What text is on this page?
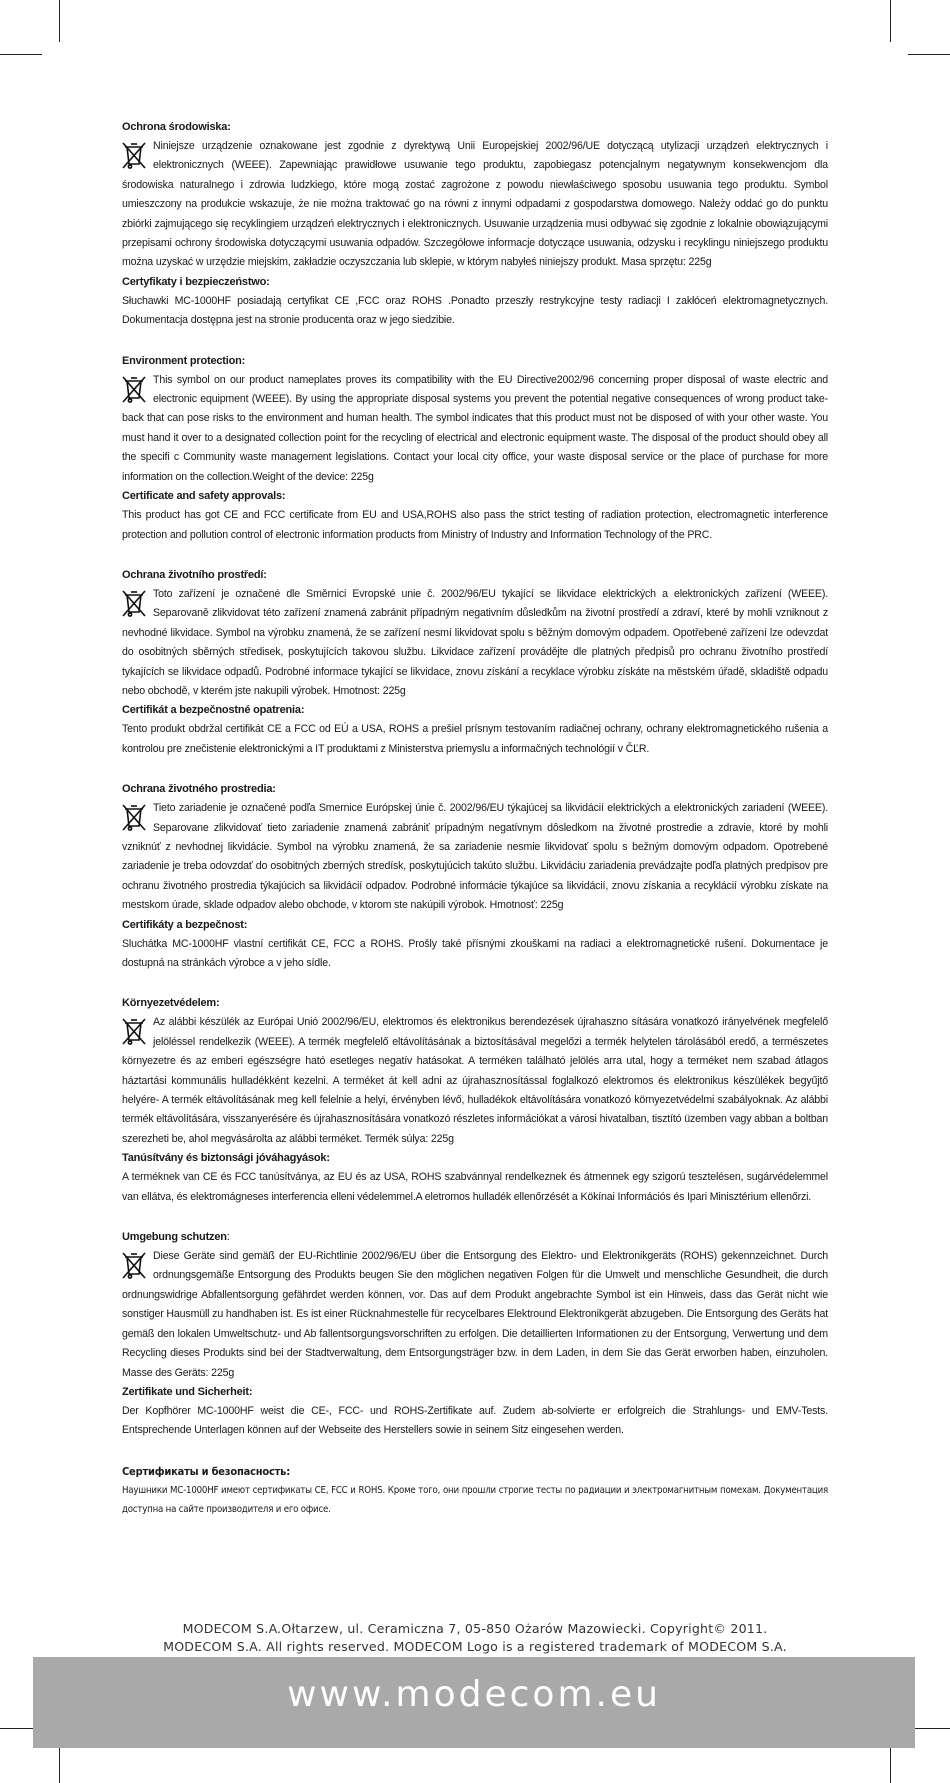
Ochrona środowiska:

Niniejsze urządzenie oznakowane jest zgodnie z dyrektywą Unii Europejskiej 2002/96/UE dotyczącą utylizacji urządzeń elektrycznych i elektronicznych (WEEE). Zapewniając prawidłowe usuwanie tego produktu, zapobiegasz potencjalnym negatywnym konsekwencjom dla środowiska naturalnego i zdrowia ludzkiego, które mogą zostać zagrożone z powodu niewłaściwego sposobu usuwania tego produktu. Symbol umieszczony na produkcie wskazuje, że nie można traktować go na równi z innymi odpadami z gospodarstwa domowego. Należy oddać go do punktu zbiórki zajmującego się recyklingiem urządzeń elektrycznych i elektronicznych. Usuwanie urządzenia musi odbywać się zgodnie z lokalnie obowiązującymi przepisami ochrony środowiska dotyczącymi usuwania odpadów. Szczegółowe informacje dotyczące usuwania, odzysku i recyklingu niniejszego produktu można uzyskać w urzędzie miejskim, zakładzie oczyszczania lub sklepie, w którym nabyłeś niniejszy produkt. Masa sprzętu: 225g

Certyfikaty i bezpieczeństwo:

Słuchawki MC-1000HF posiadają certyfikat CE ,FCC oraz ROHS .Ponadto przeszły restrykcyjne testy radiacji I zakłóceń elektromagnetycznych. Dokumentacja dostępna jest na stronie producenta oraz w jego siedzibie.

Environment protection:

This symbol on our product nameplates proves its compatibility with the EU Directive2002/96 concerning proper disposal of waste electric and electronic equipment (WEEE). By using the appropriate disposal systems you prevent the potential negative consequences of wrong product take-back that can pose risks to the environment and human health. The symbol indicates that this product must not be disposed of with your other waste. You must hand it over to a designated collection point for the recycling of electrical and electronic equipment waste. The disposal of the product should obey all the specifi c Community waste management legislations. Contact your local city office, your waste disposal service or the place of purchase for more information on the collection.Weight of the device: 225g

Certificate and safety approvals:

This product has got CE and FCC certificate from EU and USA,ROHS also pass the strict testing of radiation protection, electromagnetic interference protection and pollution control of electronic information products from Ministry of Industry and Information Technology of the PRC.

Ochrana životního prostředí:

Toto zařízení je označené dle Směrnici Evropské unie č. 2002/96/EU tykající se likvidace elektrických a elektronických zařízení (WEEE). Separovaně zlikvidovat této zařízení znamená zabránit případným negativním důsledkům na životní prostředí a zdraví, které by mohli vzniknout z nevhodné likvidace. Symbol na výrobku znamená, že se zařízení nesmí likvidovat spolu s běžným domovým odpadem. Opotřebené zařízení lze odevzdat do osobitných sběrných středisek, poskytujících takovou službu. Likvidace zařízení provádějte dle platných předpisů pro ochranu životního prostředí tykajících se likvidace odpadů. Podrobné informace tykající se likvidace, znovu získání a recyklace výrobku získáte na městském úřadě, skladiště odpadu nebo obchodě, v kterém jste nakupili výrobek. Hmotnost: 225g

Certifikát a bezpečnostné opatrenia:

Tento produkt obdržal certifikát CE a FCC od EÚ a USA, ROHS a prešiel prísnym testovaním radiačnej ochrany, ochrany elektromagnetického rušenia a kontrolou pre znečistenie elektronickými a IT produktami z Ministerstva priemyslu a informačných technológií v ČĽR.

Ochrana životného prostredia:

Tieto zariadenie je označené podľa Smernice Európskej únie č. 2002/96/EU týkajúcej sa likvidácií elektrických a elektronických zariadení (WEEE). Separovane zlikvidovať tieto zariadenie znamená zabrániť prípadným negatívnym dôsledkom na životné prostredie a zdravie, ktoré by mohli vzniknúť z nevhodnej likvidácie. Symbol na výrobku znamená, že sa zariadenie nesmie likvidovať spolu s bežným domovým odpadom. Opotrebené zariadenie je treba odovzdať do osobitných zberných stredísk, poskytujúcich takúto službu. Likvidáciu zariadenia prevádzajte podľa platných predpisov pre ochranu životného prostredia týkajúcich sa likvidácií odpadov. Podrobné informácie týkajúce sa likvidácií, znovu získania a recyklácií výrobku získate na mestskom úrade, sklade odpadov alebo obchode, v ktorom ste nakúpili výrobok. Hmotnosť: 225g

Certifikáty a bezpečnost:

Sluchátka MC-1000HF vlastní certifikát CE, FCC a ROHS. Prošly také přísnými zkouškami na radiaci a elektromagnetické rušení. Dokumentace je dostupná na stránkách výrobce a v jeho sídle.

Környezetvédelem:

Az alábbi készülék az Európai Unió 2002/96/EU, elektromos és elektronikus berendezések újrahaszno sítására vonatkozó irányelvének megfelelő jelöléssel rendelkezik (WEEE). A termék megfelelő eltávolításának a biztosításával megelőzi a termék helytelen tárolásából eredő, a természetes környezetre és az emberi egészségre ható esetleges negatív hatásokat. A terméken található jelölés arra utal, hogy a terméket nem szabad átlagos háztartási kommunális hulladékként kezelni. A terméket át kell adni az újrahasznosítással foglalkozó elektromos és elektronikus készülékek begyűjtő helyére- A termék eltávolításának meg kell felelnie a helyi, érvényben lévő, hulladékok eltávolítására vonatkozó környezetvédelmi szabályoknak. Az alábbi termék eltávolítására, visszanyerésére és újrahasznosítására vonatkozó részletes információkat a városi hivatalban, tisztító üzemben vagy abban a boltban szerezheti be, ahol megvásárolta az alábbi terméket. Termék súlya: 225g

Tanúsítvány és biztonsági jóváhagyások:

A terméknek van CE és FCC tanúsítványa, az EU és az USA, ROHS szabvánnyal rendelkeznek és átmennek egy szigorú tesztelésen, sugárvédelemmel van ellátva, és elektromágneses interferencia elleni védelemmel.A eletromos hulladék ellenőrzését a Kökínai Információs és Ipari Minisztérium ellenőrzi.

Umgebung schutzen:

Diese Geräte sind gemäß der EU-Richtlinie 2002/96/EU über die Entsorgung des Elektro- und Elektronikgeräts (ROHS) gekennzeichnet. Durch ordnungsgemäße Entsorgung des Produkts beugen Sie den möglichen negativen Folgen für die Umwelt und menschliche Gesundheit, die durch ordnungswidrige Abfallentsorgung gefährdet werden können, vor. Das auf dem Produkt angebrachte Symbol ist ein Hinweis, dass das Gerät nicht wie sonstiger Hausmüll zu handhaben ist. Es ist einer Rücknahmestelle für recycelbares Elektround Elektronikgerät abzugeben. Die Entsorgung des Geräts hat gemäß den lokalen Umweltschutz- und Ab fallentsorgungsvorschriften zu erfolgen. Die detaillierten Informationen zu der Entsorgung, Verwertung und dem Recycling dieses Produkts sind bei der Stadtverwaltung, dem Entsorgungsträger bzw. in dem Laden, in dem Sie das Gerät erworben haben, einzuholen. Masse des Geräts: 225g

Zertifikate und Sicherheit:

Der Kopfhörer MC-1000HF weist die CE-, FCC- und ROHS-Zertifikate auf. Zudem ab-solvierte er erfolgreich die Strahlungs- und EMV-Tests. Entsprechende Unterlagen können auf der Webseite des Herstellers sowie in seinem Sitz eingesehen werden.

Сертификаты и безопасность:

Наушники MC-1000HF имеют сертификаты CE, FCC и ROHS. Кроме того, они прошли строгие тесты по радиации и электромагнитным помехам. Документация доступна на сайте производителя и его офисе.

MODECOM S.A.Ołtarzew, ul. Ceramiczna 7, 05-850 Ożarów Mazowiecki. Copyright© 2011.
MODECOM S.A. All rights reserved. MODECOM Logo is a registered trademark of MODECOM S.A.
www.modecom.eu
